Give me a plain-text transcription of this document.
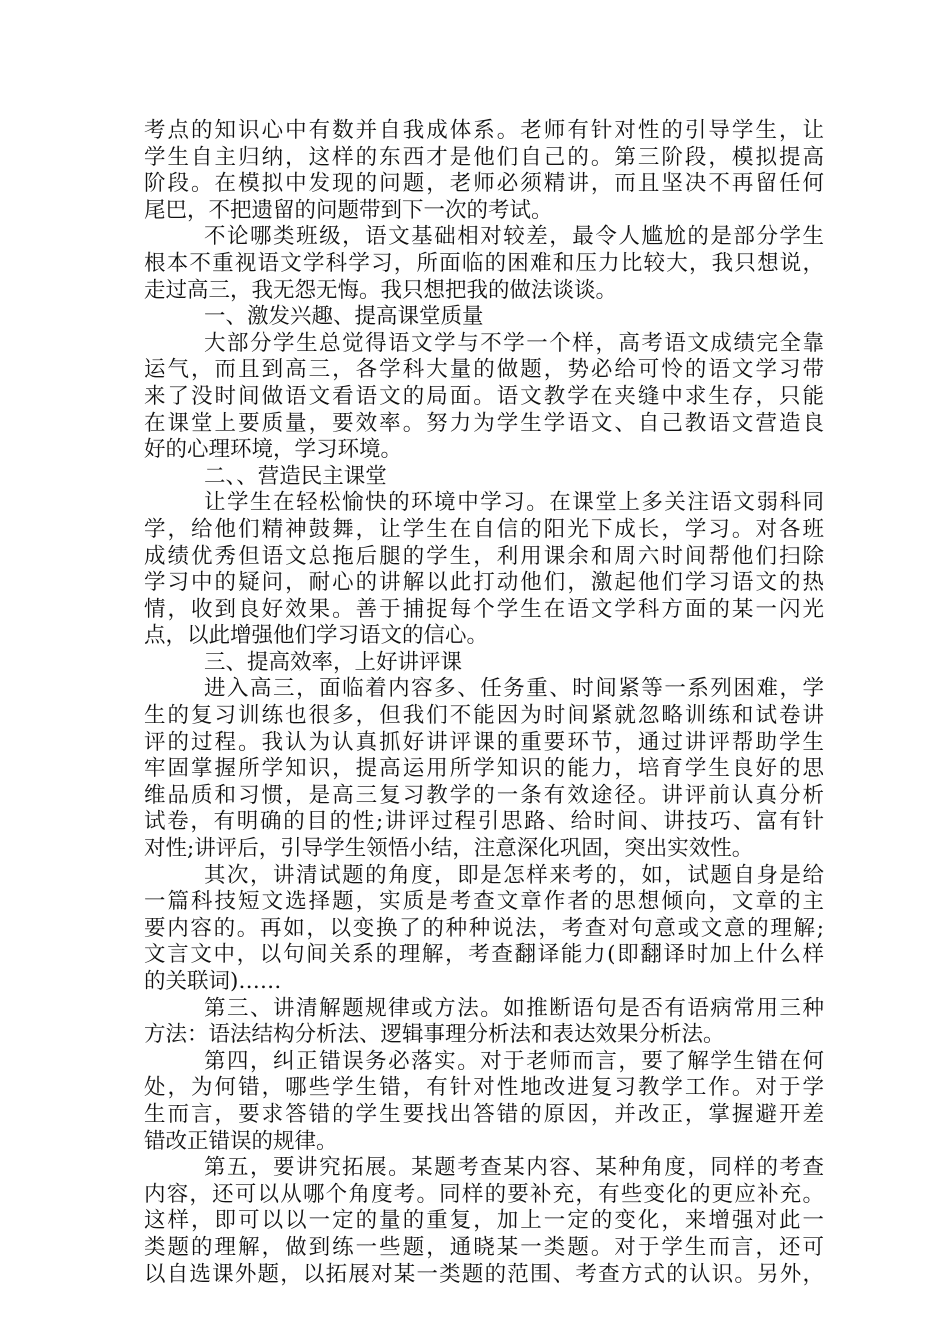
考点的知识心中有数并自我成体系。老师有针对性的引导学生，让
学生自主归纳，这样的东西才是他们自己的。第三阶段，模拟提高
阶段。在模拟中发现的问题，老师必须精讲，而且坚决不再留任何
尾巴，不把遗留的问题带到下一次的考试。
不论哪类班级，语文基础相对较差，最令人尴尬的是部分学生
根本不重视语文学科学习，所面临的困难和压力比较大，我只想说，
走过高三，我无怨无悔。我只想把我的做法谈谈。
一、激发兴趣、提高课堂质量
大部分学生总觉得语文学与不学一个样，高考语文成绩完全靠
运气，而且到高三，各学科大量的做题，势必给可怜的语文学习带
来了没时间做语文看语文的局面。语文教学在夹缝中求生存，只能
在课堂上要质量，要效率。努力为学生学语文、自己教语文营造良
好的心理环境，学习环境。
二、、营造民主课堂
让学生在轻松愉快的环境中学习。在课堂上多关注语文弱科同
学，给他们精神鼓舞，让学生在自信的阳光下成长，学习。对各班
成绩优秀但语文总拖后腿的学生，利用课余和周六时间帮他们扫除
学习中的疑问，耐心的讲解以此打动他们，激起他们学习语文的热
情，收到良好效果。善于捕捉每个学生在语文学科方面的某一闪光
点，以此增强他们学习语文的信心。
三、提高效率，上好讲评课
进入高三，面临着内容多、任务重、时间紧等一系列困难，学
生的复习训练也很多，但我们不能因为时间紧就忽略训练和试卷讲
评的过程。我认为认真抓好讲评课的重要环节，通过讲评帮助学生
牢固掌握所学知识，提高运用所学知识的能力，培育学生良好的思
维品质和习惯，是高三复习教学的一条有效途径。讲评前认真分析
试卷，有明确的目的性;讲评过程引思路、给时间、讲技巧、富有针
对性;讲评后，引导学生领悟小结，注意深化巩固，突出实效性。
其次，讲清试题的角度，即是怎样来考的，如，试题自身是给
一篇科技短文选择题，实质是考查文章作者的思想倾向，文章的主
要内容的。再如，以变换了的种种说法，考查对句意或文意的理解;
文言文中，以句间关系的理解，考查翻译能力(即翻译时加上什么样
的关联词)……
第三、讲清解题规律或方法。如推断语句是否有语病常用三种
方法：语法结构分析法、逻辑事理分析法和表达效果分析法。
第四，纠正错误务必落实。对于老师而言，要了解学生错在何
处，为何错，哪些学生错，有针对性地改进复习教学工作。对于学
生而言，要求答错的学生要找出答错的原因，并改正，掌握避开差
错改正错误的规律。
第五，要讲究拓展。某题考查某内容、某种角度，同样的考查
内容，还可以从哪个角度考。同样的要补充，有些变化的更应补充。
这样，即可以以一定的量的重复，加上一定的变化，来增强对此一
类题的理解，做到练一些题，通晓某一类题。对于学生而言，还可
以自选课外题，以拓展对某一类题的范围、考查方式的认识。另外，
